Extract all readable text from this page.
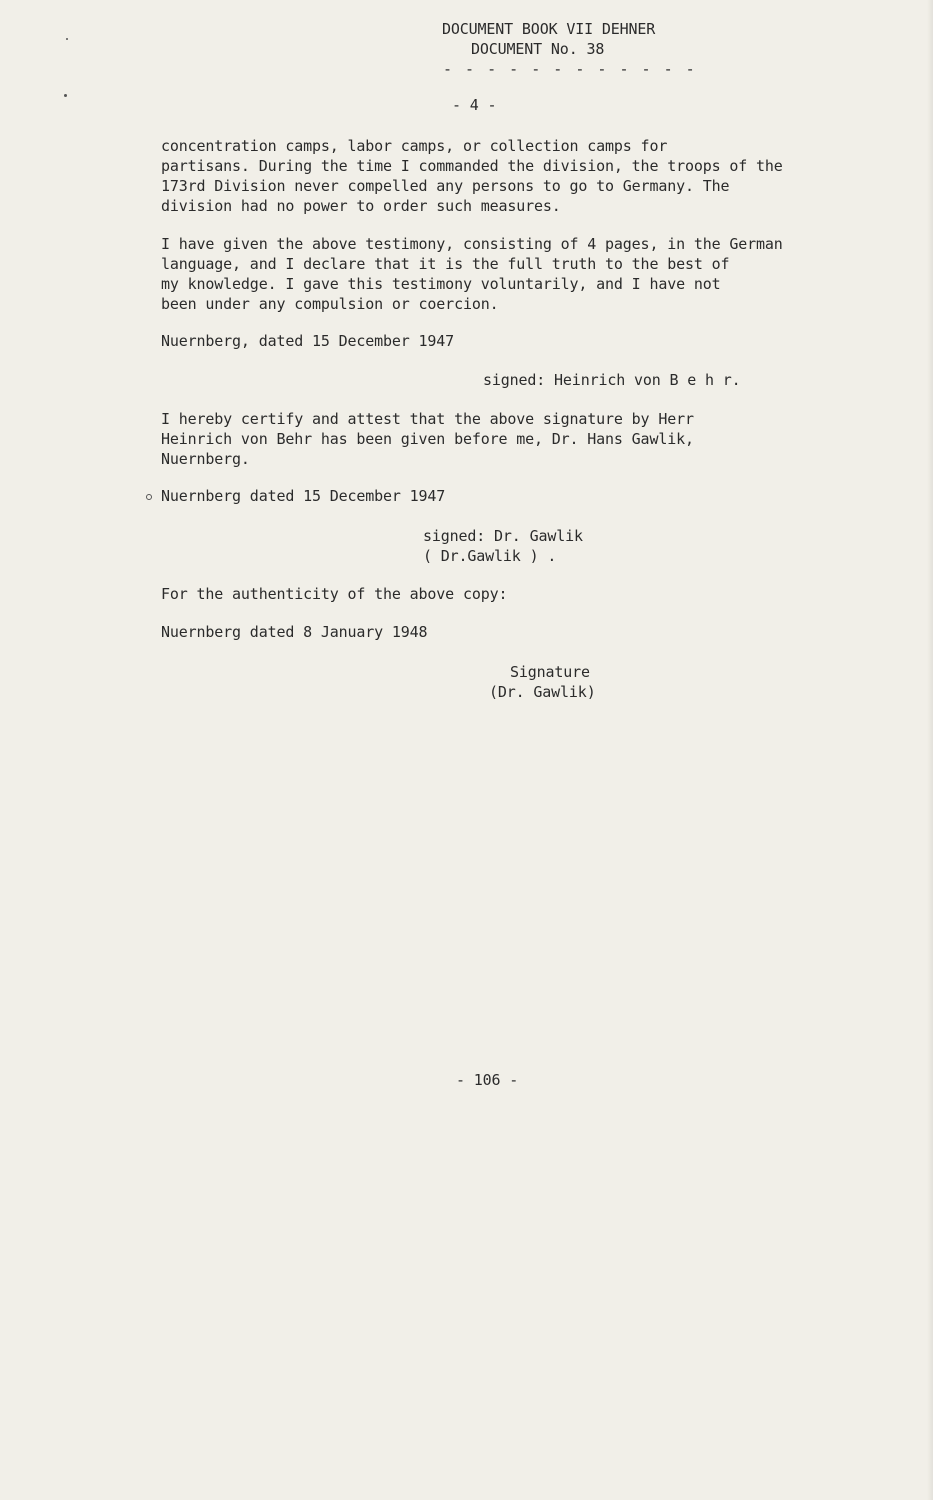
DOCUMENT BOOK VII DEHNER
DOCUMENT No. 38
- - - - - - - - - - - -
- 4 -
concentration camps, labor camps, or collection camps for
partisans. During the time I commanded the division, the troops of the
173rd Division never compelled any persons to go to Germany. The
division had no power to order such measures.
I have given the above testimony, consisting of 4 pages, in the German
language, and I declare that it is the full truth to the best of
my knowledge. I gave this testimony voluntarily, and I have not
been under any compulsion or coercion.
Nuernberg, dated 15 December 1947
signed: Heinrich von B e h r.
I hereby certify and attest that the above signature by Herr
Heinrich von Behr has been given before me, Dr. Hans Gawlik,
Nuernberg.
Nuernberg dated 15 December 1947
signed: Dr. Gawlik
( Dr.Gawlik ) .
For the authenticity of the above copy:
Nuernberg dated 8 January 1948
Signature
(Dr. Gawlik)
- 106 -
